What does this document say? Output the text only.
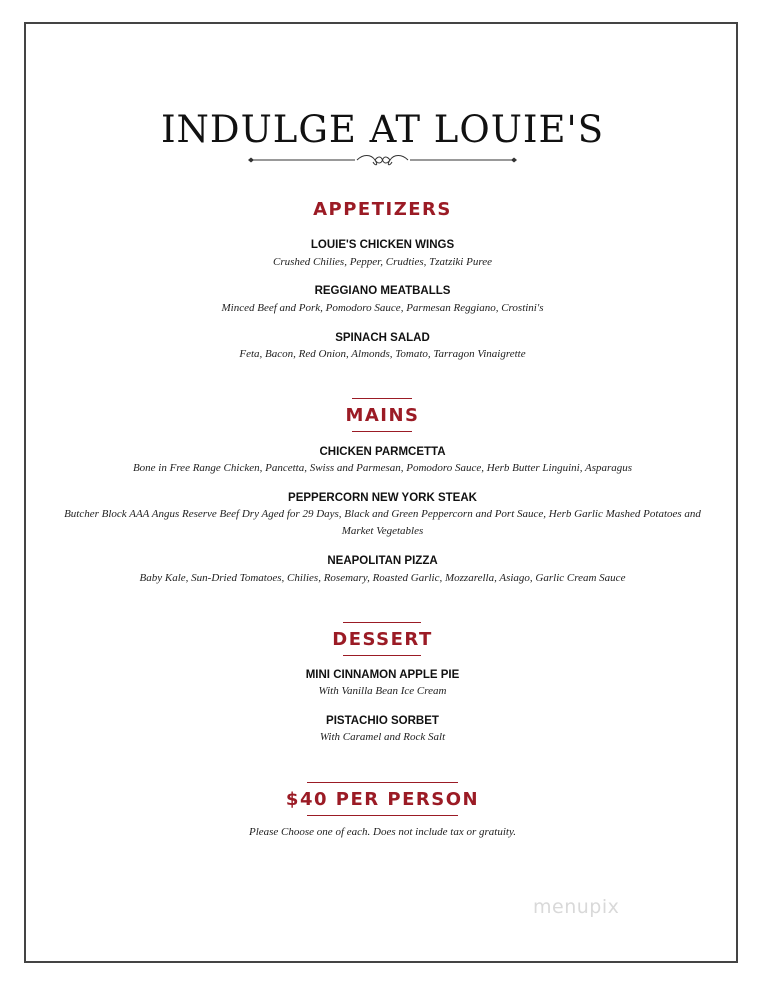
INDULGE AT LOUIE'S
APPETIZERS
LOUIE'S CHICKEN WINGS
Crushed Chilies, Pepper, Crudties, Tzatziki Puree
REGGIANO MEATBALLS
Minced Beef and Pork, Pomodoro Sauce, Parmesan Reggiano, Crostini's
SPINACH SALAD
Feta, Bacon, Red Onion, Almonds, Tomato, Tarragon Vinaigrette
MAINS
CHICKEN PARMCETTA
Bone in Free Range Chicken, Pancetta, Swiss and Parmesan, Pomodoro Sauce, Herb Butter Linguini, Asparagus
PEPPERCORN NEW YORK STEAK
Butcher Block AAA Angus Reserve Beef Dry Aged for 29 Days, Black and Green Peppercorn and Port Sauce, Herb Garlic Mashed Potatoes and Market Vegetables
NEAPOLITAN PIZZA
Baby Kale, Sun-Dried Tomatoes, Chilies, Rosemary, Roasted Garlic, Mozzarella, Asiago, Garlic Cream Sauce
DESSERT
MINI CINNAMON APPLE PIE
With Vanilla Bean Ice Cream
PISTACHIO SORBET
With Caramel and Rock Salt
$40 PER PERSON
Please Choose one of each. Does not include tax or gratuity.
menupix
